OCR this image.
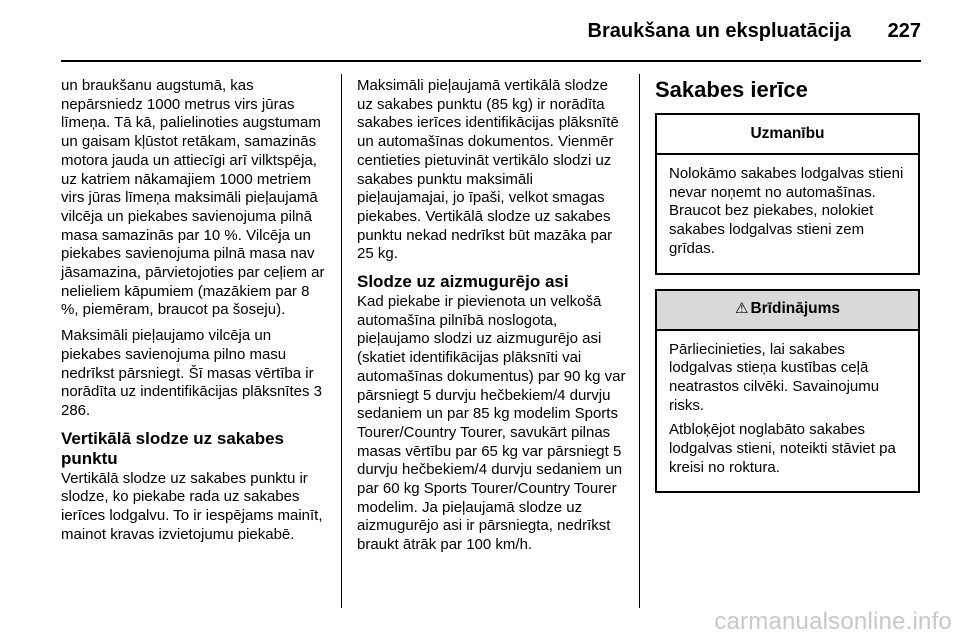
Braukšana un ekspluatācija 227

un braukšanu augstumā, kas nepārsniedz 1000 metrus virs jūras līmeņa. Tā kā, palielinoties augstumam un gaisam kļūstot retākam, samazinās motora jauda un attiecīgi arī vilktspēja, uz katriem nākamajiem 1000 metriem virs jūras līmeņa maksimāli pieļaujamā vilcēja un piekabes savienojuma pilnā masa samazinās par 10 %. Vilcēja un piekabes savienojuma pilnā masa nav jāsamazina, pārvietojoties par ceļiem ar nelieliem kāpumiem (mazākiem par 8 %, piemēram, braucot pa šoseju).

Maksimāli pieļaujamo vilcēja un piekabes savienojuma pilno masu nedrīkst pārsniegt. Šī masas vērtība ir norādīta uz indentifikācijas plāksnītes 3 286.

Vertikālā slodze uz sakabes punktu

Vertikālā slodze uz sakabes punktu ir slodze, ko piekabe rada uz sakabes ierīces lodgalvu. To ir iespējams mainīt, mainot kravas izvietojumu piekabē.

Maksimāli pieļaujamā vertikālā slodze uz sakabes punktu (85 kg) ir norādīta sakabes ierīces identifikācijas plāksnītē un automašīnas dokumentos. Vienmēr centieties pietuvināt vertikālo slodzi uz sakabes punktu maksimāli pieļaujamajai, jo īpaši, velkot smagas piekabes. Vertikālā slodze uz sakabes punktu nekad nedrīkst būt mazāka par 25 kg.

Slodze uz aizmugurējo asi

Kad piekabe ir pievienota un velkošā automašīna pilnībā noslogota, pieļaujamo slodzi uz aizmugurējo asi (skatiet identifikācijas plāksnīti vai automašīnas dokumentus) par 90 kg var pārsniegt 5 durvju hečbekiem/4 durvju sedaniem un par 85 kg modelim Sports Tourer/Country Tourer, savukārt pilnas masas vērtību par 65 kg var pārsniegt 5 durvju hečbekiem/4 durvju sedaniem un par 60 kg Sports Tourer/Country Tourer modelim. Ja pieļaujamā slodze uz aizmugurējo asi ir pārsniegta, nedrīkst braukt ātrāk par 100 km/h.

Sakabes ierīce
Uzmanību

Nolokāmo sakabes lodgalvas stieni nevar noņemt no automašīnas. Braucot bez piekabes, nolokiet sakabes lodgalvas stieni zem grīdas.

⚠ Brīdinājums

Pārliecinieties, lai sakabes lodgalvas stieņa kustības ceļā neatrastos cilvēki. Savainojumu risks.

Atbloķējot noglabāto sakabes lodgalvas stieni, noteikti stāviet pa kreisi no roktura.

carmanualsonline.info
